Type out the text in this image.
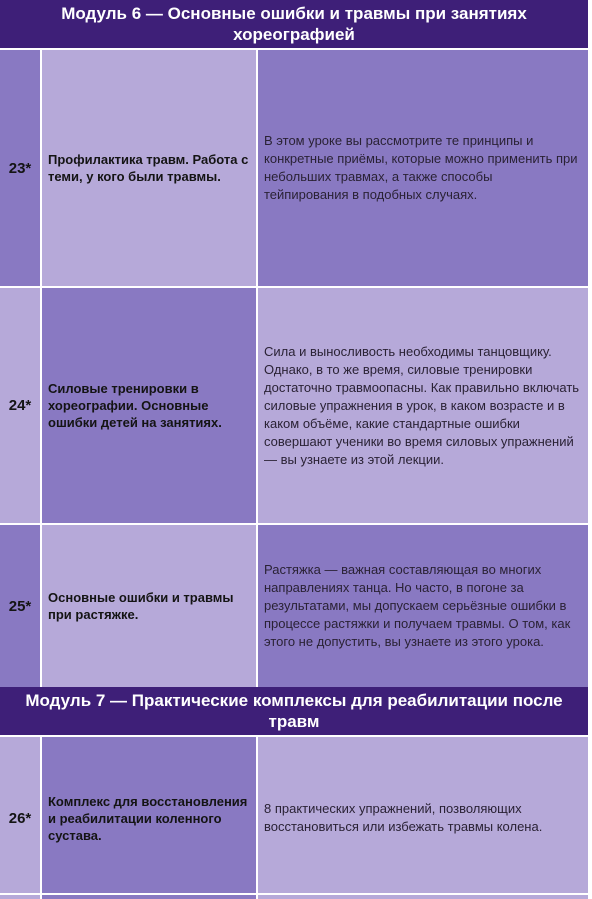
Модуль 6 — Основные ошибки и травмы при занятиях хореографией
23*	Профилактика травм. Работа с теми, у кого были травмы.
В этом уроке вы рассмотрите те принципы и конкретные приёмы, которые можно применить при небольших травмах, а также способы тейпирования в подобных случаях.
24*
Силовые тренировки в хореографии. Основные ошибки детей на занятиях.
Сила и выносливость необходимы танцовщику. Однако, в то же время, силовые тренировки достаточно травмоопасны. Как правильно включать силовые упражнения в урок, в каком возрасте и в каком объёме, какие стандартные ошибки совершают ученики во время силовых упражнений — вы узнаете из этой лекции.
25*	Основные ошибки и травмы при растяжке.
Растяжка — важная составляющая во многих направлениях танца. Но часто, в погоне за результатами, мы допускаем серьёзные ошибки в процессе растяжки и получаем травмы. О том, как этого не допустить, вы узнаете из этого урока.
Модуль 7 — Практические комплексы для реабилитации после травм
26*
Комплекс для восстановления и реабилитации коленного сустава.
8 практических упражнений, позволяющих восстановиться или избежать травмы колена.
